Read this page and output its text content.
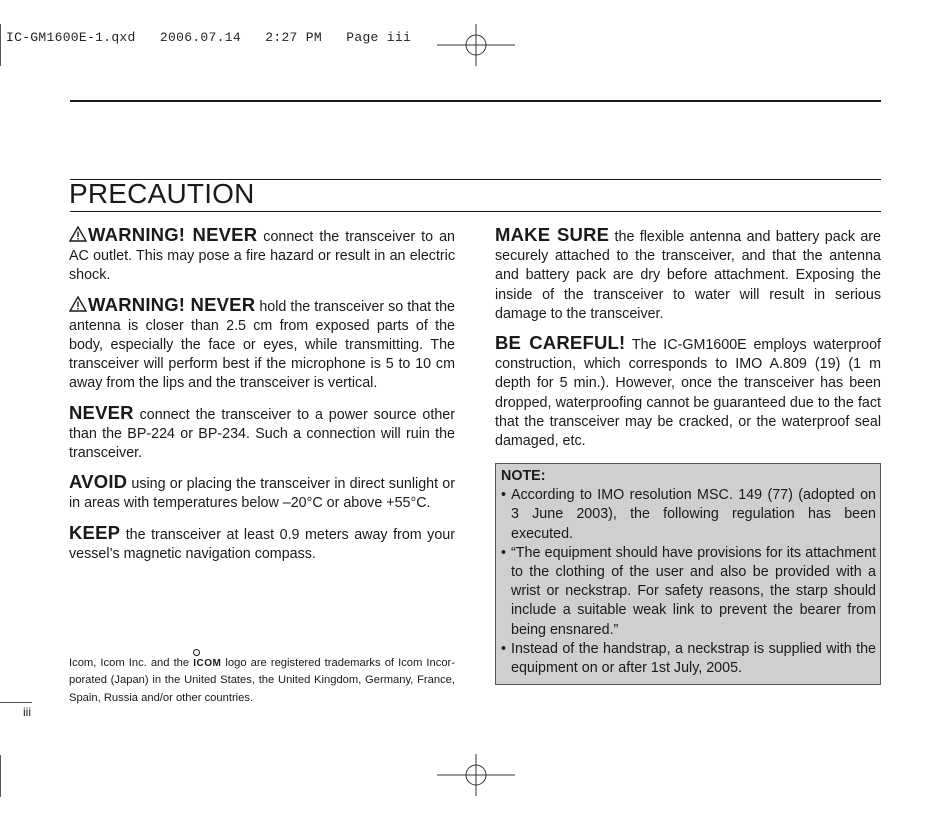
IC-GM1600E-1.qxd   2006.07.14   2:27 PM   Page iii
PRECAUTION

WARNING! NEVER connect the transceiver to an AC outlet. This may pose a fire hazard or result in an electric shock.

WARNING! NEVER hold the transceiver so that the antenna is closer than 2.5 cm from exposed parts of the body, especially the face or eyes, while transmitting. The transceiver will perform best if the microphone is 5 to 10 cm away from the lips and the transceiver is vertical.

NEVER connect the transceiver to a power source other than the BP-224 or BP-234. Such a connection will ruin the transceiver.

AVOID using or placing the transceiver in direct sunlight or in areas with temperatures below –20°C or above +55°C.

KEEP the transceiver at least 0.9 meters away from your vessel’s magnetic navigation compass.

MAKE SURE the flexible antenna and battery pack are securely attached to the transceiver, and that the antenna and battery pack are dry before attachment. Exposing the inside of the transceiver to water will result in serious damage to the transceiver.

BE CAREFUL! The IC-GM1600E employs waterproof construction, which corresponds to IMO A.809 (19) (1 m depth for 5 min.). However, once the transceiver has been dropped, waterproofing cannot be guaranteed due to the fact that the transceiver may be cracked, or the waterproof seal damaged, etc.

NOTE:

• According to IMO resolution MSC. 149 (77) (adopted on 3 June 2003), the following regulation has been executed.

• “The equipment should have provisions for its attachment to the clothing of the user and also be provided with a wrist or neckstrap. For safety reasons, the starp should include a suitable weak link to prevent the bearer from being ensnared.”

• Instead of the handstrap, a neckstrap is supplied with the equipment on or after 1st July, 2005.

Icom, Icom Inc. and the ICOM logo are registered trademarks of Icom Incorporated (Japan) in the United States, the United Kingdom, Germany, France, Spain, Russia and/or other countries.
iii
